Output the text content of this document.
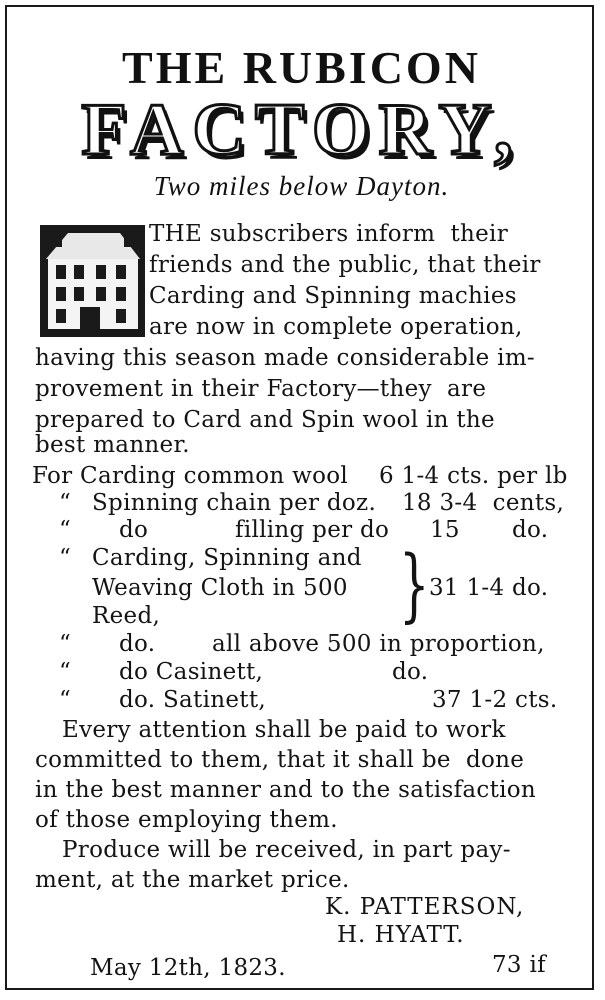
THE RUBICON
FACTORY,
Two miles below Dayton.
THE subscribers inform  their
friends and the public, that their
Carding and Spinning machies
are now in complete operation,
having this season made considerable im-
provement in their Factory—they  are
prepared to Card and Spin wool in the
best manner.
For Carding common wool 6 1-4 cts. per lb
“ Spinning chain per doz. 18 3-4  cents,
“ do	filling per do 15 do.
“ Carding, Spinning and
Weaving Cloth in 500	31 1-4 do.
Reed,
“ do. all above 500 in proportion,
“ do Casinett,	do.
“ do. Satinett,	37 1-2 cts.
}
Every attention shall be paid to work
committed to them, that it shall be  done
in the best manner and to the satisfaction
of those employing them.
Produce will be received, in part pay-
ment, at the market price.
K. PATTERSON,
H. HYATT.
May 12th, 1823.	73 if
